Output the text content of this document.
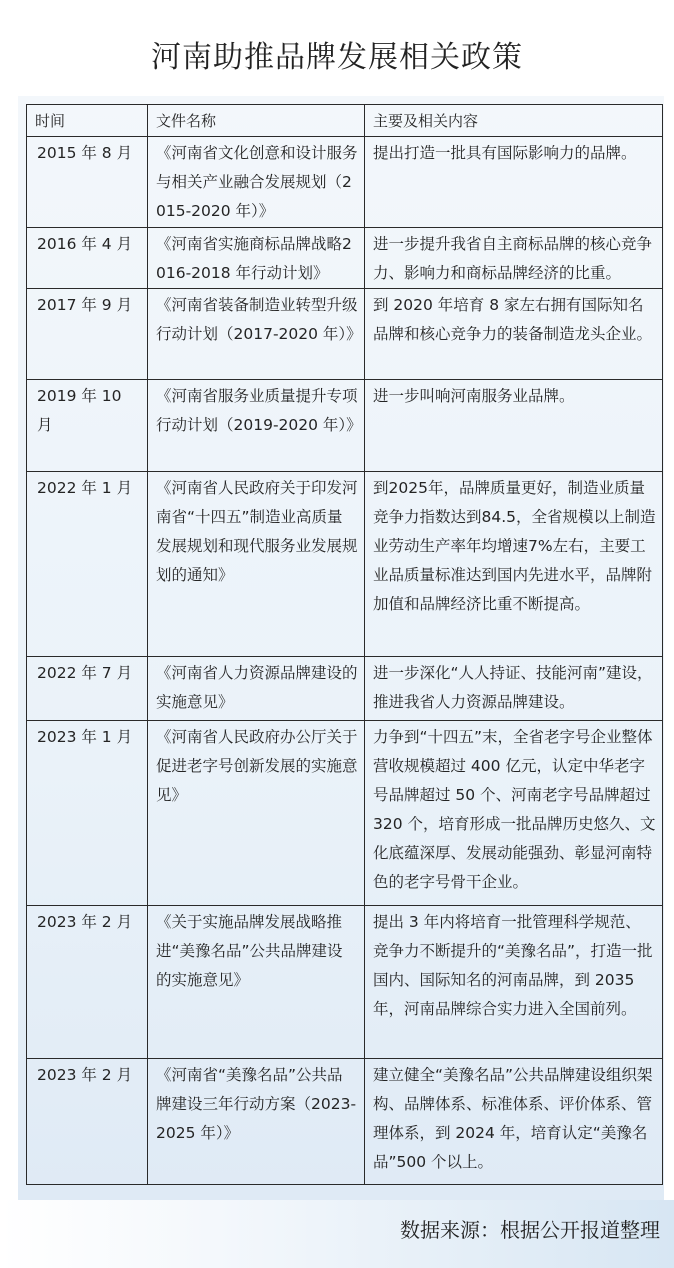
河南助推品牌发展相关政策
时间	文件名称	主要及相关内容
2015 年 8 月	《河南省文化创意和设计服务与相关产业融合发展规划（2015-2020 年）》	提出打造一批具有国际影响力的品牌。
2016 年 4 月	《河南省实施商标品牌战略2016-2018 年行动计划》	进一步提升我省自主商标品牌的核心竞争力、影响力和商标品牌经济的比重。
2017 年 9 月	《河南省装备制造业转型升级行动计划（2017-2020 年）》	到 2020 年培育 8 家左右拥有国际知名品牌和核心竞争力的装备制造龙头企业。
2019 年 10 月	《河南省服务业质量提升专项行动计划（2019-2020 年）》	进一步叫响河南服务业品牌。
2022 年 1 月	《河南省人民政府关于印发河南省“十四五”制造业高质量发展规划和现代服务业发展规划的通知》	到2025年，品牌质量更好，制造业质量竞争力指数达到84.5，全省规模以上制造业劳动生产率年均增速7%左右，主要工业品质量标准达到国内先进水平，品牌附加值和品牌经济比重不断提高。
2022 年 7 月	《河南省人力资源品牌建设的实施意见》	进一步深化“人人持证、技能河南”建设，推进我省人力资源品牌建设。
2023 年 1 月	《河南省人民政府办公厅关于促进老字号创新发展的实施意见》	力争到“十四五”末，全省老字号企业整体营收规模超过 400 亿元，认定中华老字号品牌超过 50 个、河南老字号品牌超过 320 个，培育形成一批品牌历史悠久、文化底蕴深厚、发展动能强劲、彰显河南特色的老字号骨干企业。
2023 年 2 月	《关于实施品牌发展战略推进“美豫名品”公共品牌建设的实施意见》	提出 3 年内将培育一批管理科学规范、竞争力不断提升的“美豫名品”，打造一批国内、国际知名的河南品牌，到 2035 年，河南品牌综合实力进入全国前列。
2023 年 2 月	《河南省“美豫名品”公共品牌建设三年行动方案（2023-2025 年）》	建立健全“美豫名品”公共品牌建设组织架构、品牌体系、标准体系、评价体系、管理体系，到 2024 年，培育认定“美豫名品”500 个以上。
数据来源：根据公开报道整理
